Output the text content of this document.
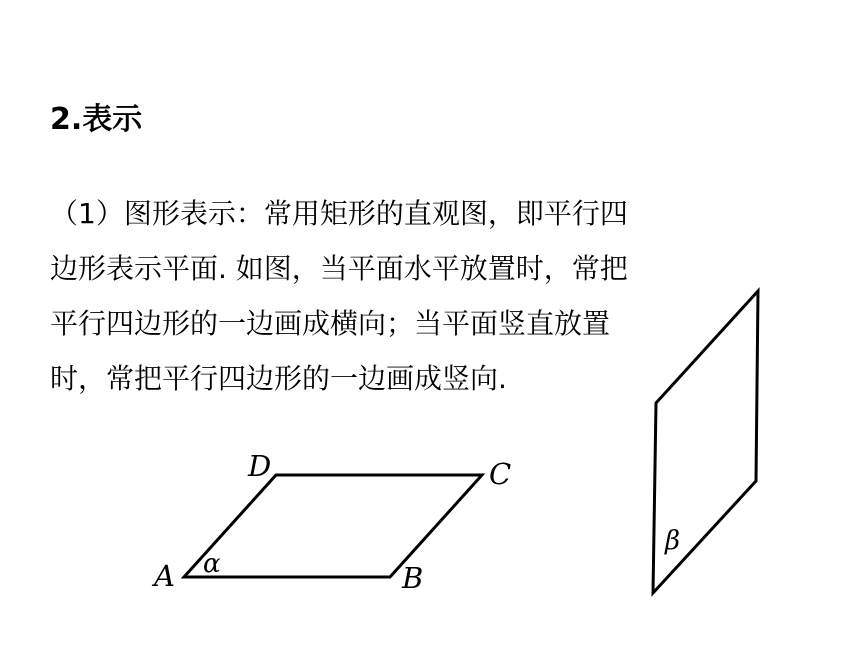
2.表示

（1）图形表示：常用矩形的直观图，即平行四
边形表示平面. 如图，当平面水平放置时，常把
平行四边形的一边画成横向；当平面竖直放置
时，常把平行四边形的一边画成竖向.

D	C
A	B
α
β
